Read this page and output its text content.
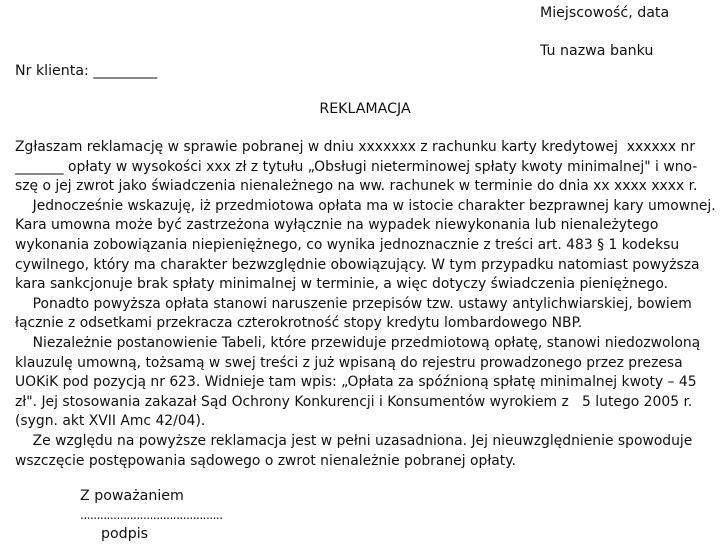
Miejscowość, data
Tu nazwa banku
Nr klienta: _________
REKLAMACJA
Zgłaszam reklamację w sprawie pobranej w dniu xxxxxxx z rachunku karty kredytowej  xxxxxx nr
_______ opłaty w wysokości xxx zł z tytułu „Obsługi nieterminowej spłaty kwoty minimalnej" i wno-
szę o jej zwrot jako świadczenia nienależnego na ww. rachunek w terminie do dnia xx xxxx xxxx r.
Jednocześnie wskazuję, iż przedmiotowa opłata ma w istocie charakter bezprawnej kary umownej.
Kara umowna może być zastrzeżona wyłącznie na wypadek niewykonania lub nienależytego
wykonania zobowiązania niepieniężnego, co wynika jednoznacznie z treści art. 483 § 1 kodeksu
cywilnego, który ma charakter bezwzględnie obowiązujący. W tym przypadku natomiast powyższa
kara sankcjonuje brak spłaty minimalnej w terminie, a więc dotyczy świadczenia pieniężnego.
Ponadto powyższa opłata stanowi naruszenie przepisów tzw. ustawy antylichwiarskiej, bowiem
łącznie z odsetkami przekracza czterokrotność stopy kredytu lombardowego NBP.
Niezależnie postanowienie Tabeli, które przewiduje przedmiotową opłatę, stanowi niedozwoloną
klauzulę umowną, tożsamą w swej treści z już wpisaną do rejestru prowadzonego przez prezesa
UOKiK pod pozycją nr 623. Widnieje tam wpis: „Opłata za spóźnioną spłatę minimalnej kwoty – 45
zł". Jej stosowania zakazał Sąd Ochrony Konkurencji i Konsumentów wyrokiem z   5 lutego 2005 r.
(sygn. akt XVII Amc 42/04).
Ze względu na powyższe reklamacja jest w pełni uzasadniona. Jej nieuwzględnienie spowoduje
wszczęcie postępowania sądowego o zwrot nienależnie pobranej opłaty.
Z poważaniem
...........................................
podpis
